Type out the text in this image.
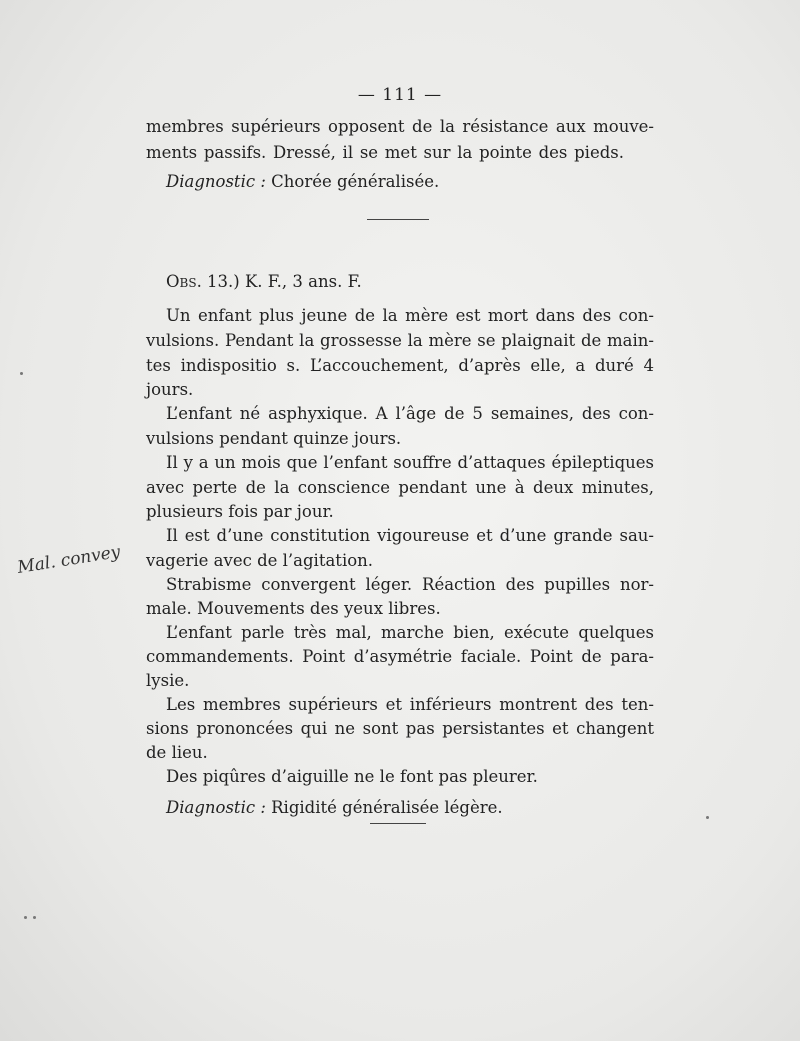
— 111 —
membres supérieurs opposent de la résistance aux mouve-
ments passifs. Dressé, il se met sur la pointe des pieds.
Diagnostic : Chorée généralisée.
Obs. 13.) K. F., 3 ans. F.
Un enfant plus jeune de la mère est mort dans des con-
vulsions. Pendant la grossesse la mère se plaignait de main-
tes indispositio s. L’accouchement, d’après elle, a duré 4
jours.
L’enfant né asphyxique. A l’âge de 5 semaines, des con-
vulsions pendant quinze jours.
Il y a un mois que l’enfant souffre d’attaques épileptiques
avec perte de la conscience pendant une à deux minutes,
plusieurs fois par jour.
Il est d’une constitution vigoureuse et d’une grande sau-
vagerie avec de l’agitation.
Strabisme convergent léger. Réaction des pupilles nor-
male. Mouvements des yeux libres.
L’enfant parle très mal, marche bien, exécute quelques
commandements. Point d’asymétrie faciale. Point de para-
lysie.
Les membres supérieurs et inférieurs montrent des ten-
sions prononcées qui ne sont pas persistantes et changent
de lieu.
Des piqûres d’aiguille ne le font pas pleurer.
Diagnostic : Rigidité généralisée légère.
Mal. convey
